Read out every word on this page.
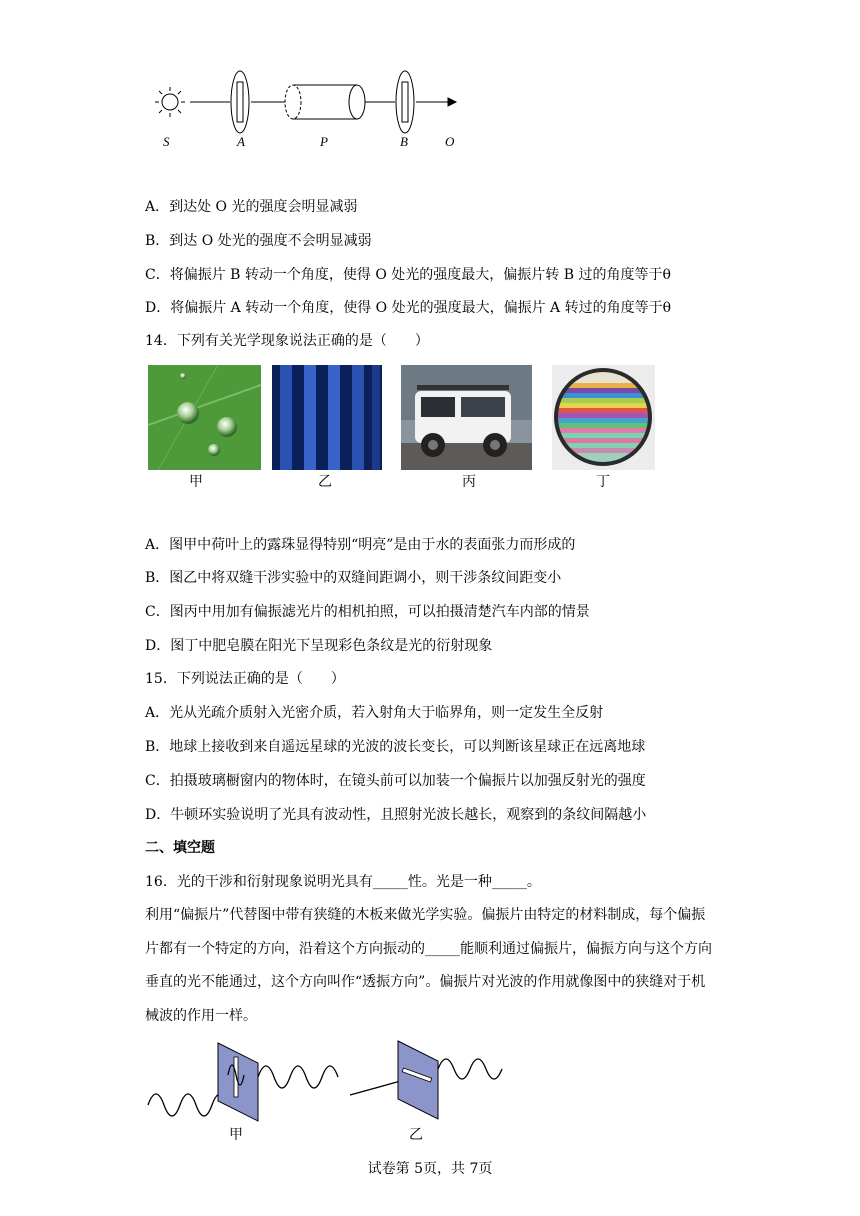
S	A	P	B	O
A．到达处 O 光的强度会明显减弱
B．到达 O 处光的强度不会明显减弱
C．将偏振片 B 转动一个角度，使得 O 处光的强度最大，偏振片转 B 过的角度等于θ
D．将偏振片 A 转动一个角度，使得 O 处光的强度最大，偏振片 A 转过的角度等于θ
14．下列有关光学现象说法正确的是（　　）
甲	乙	丙	丁
A．图甲中荷叶上的露珠显得特别“明亮”是由于水的表面张力而形成的
B．图乙中将双缝干涉实验中的双缝间距调小，则干涉条纹间距变小
C．图丙中用加有偏振滤光片的相机拍照，可以拍摄清楚汽车内部的情景
D．图丁中肥皂膜在阳光下呈现彩色条纹是光的衍射现象
15．下列说法正确的是（　　）
A．光从光疏介质射入光密介质，若入射角大于临界角，则一定发生全反射
B．地球上接收到来自遥远星球的光波的波长变长，可以判断该星球正在远离地球
C．拍摄玻璃橱窗内的物体时，在镜头前可以加装一个偏振片以加强反射光的强度
D．牛顿环实验说明了光具有波动性，且照射光波长越长，观察到的条纹间隔越小
二、填空题
16．光的干涉和衍射现象说明光具有_____性。光是一种_____。
利用“偏振片”代替图中带有狭缝的木板来做光学实验。偏振片由特定的材料制成，每个偏振片都有一个特定的方向，沿着这个方向振动的_____能顺利通过偏振片，偏振方向与这个方向垂直的光不能通过，这个方向叫作“透振方向”。偏振片对光波的作用就像图中的狭缝对于机械波的作用一样。
甲	乙
试卷第 5页，共 7页
